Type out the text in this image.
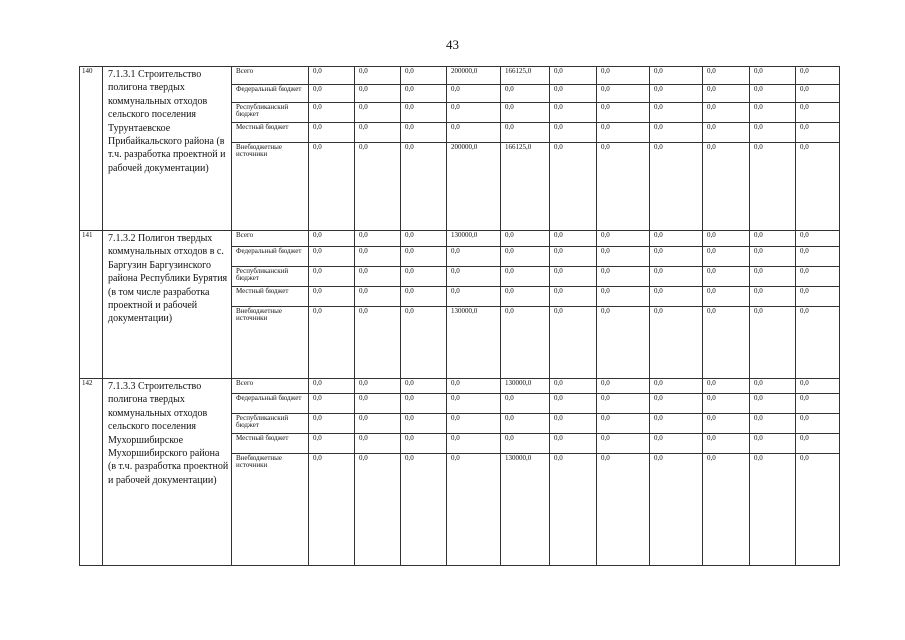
43
140	7.1.3.1 Строительство полигона твердых коммунальных отходов сельского поселения Турунтаевское Прибайкальского района (в т.ч. разработка проектной и рабочей документации)	Всего	0,0	0,0	0,0	200000,0	166125,0	0,0	0,0	0,0	0,0	0,0	0,0
		Федеральный бюджет	0,0	0,0	0,0	0,0	0,0	0,0	0,0	0,0	0,0	0,0	0,0
		Республиканский бюджет	0,0	0,0	0,0	0,0	0,0	0,0	0,0	0,0	0,0	0,0	0,0
		Местный бюджет	0,0	0,0	0,0	0,0	0,0	0,0	0,0	0,0	0,0	0,0	0,0
		Внебюджетные источники	0,0	0,0	0,0	200000,0	166125,0	0,0	0,0	0,0	0,0	0,0	0,0
141	7.1.3.2 Полигон твердых коммунальных отходов в с. Баргузин Баргузинского района Республики Бурятия (в том числе разработка проектной и рабочей документации)	Всего	0,0	0,0	0,0	130000,0	0,0	0,0	0,0	0,0	0,0	0,0	0,0
		Федеральный бюджет	0,0	0,0	0,0	0,0	0,0	0,0	0,0	0,0	0,0	0,0	0,0
		Республиканский бюджет	0,0	0,0	0,0	0,0	0,0	0,0	0,0	0,0	0,0	0,0	0,0
		Местный бюджет	0,0	0,0	0,0	0,0	0,0	0,0	0,0	0,0	0,0	0,0	0,0
		Внебюджетные источники	0,0	0,0	0,0	130000,0	0,0	0,0	0,0	0,0	0,0	0,0	0,0
142	7.1.3.3 Строительство полигона твердых коммунальных отходов сельского поселения Мухоршибирское Мухоршибирского района (в т.ч. разработка проектной и рабочей документации)	Всего	0,0	0,0	0,0	0,0	130000,0	0,0	0,0	0,0	0,0	0,0	0,0
		Федеральный бюджет	0,0	0,0	0,0	0,0	0,0	0,0	0,0	0,0	0,0	0,0	0,0
		Республиканский бюджет	0,0	0,0	0,0	0,0	0,0	0,0	0,0	0,0	0,0	0,0	0,0
		Местный бюджет	0,0	0,0	0,0	0,0	0,0	0,0	0,0	0,0	0,0	0,0	0,0
		Внебюджетные источники	0,0	0,0	0,0	0,0	130000,0	0,0	0,0	0,0	0,0	0,0	0,0
